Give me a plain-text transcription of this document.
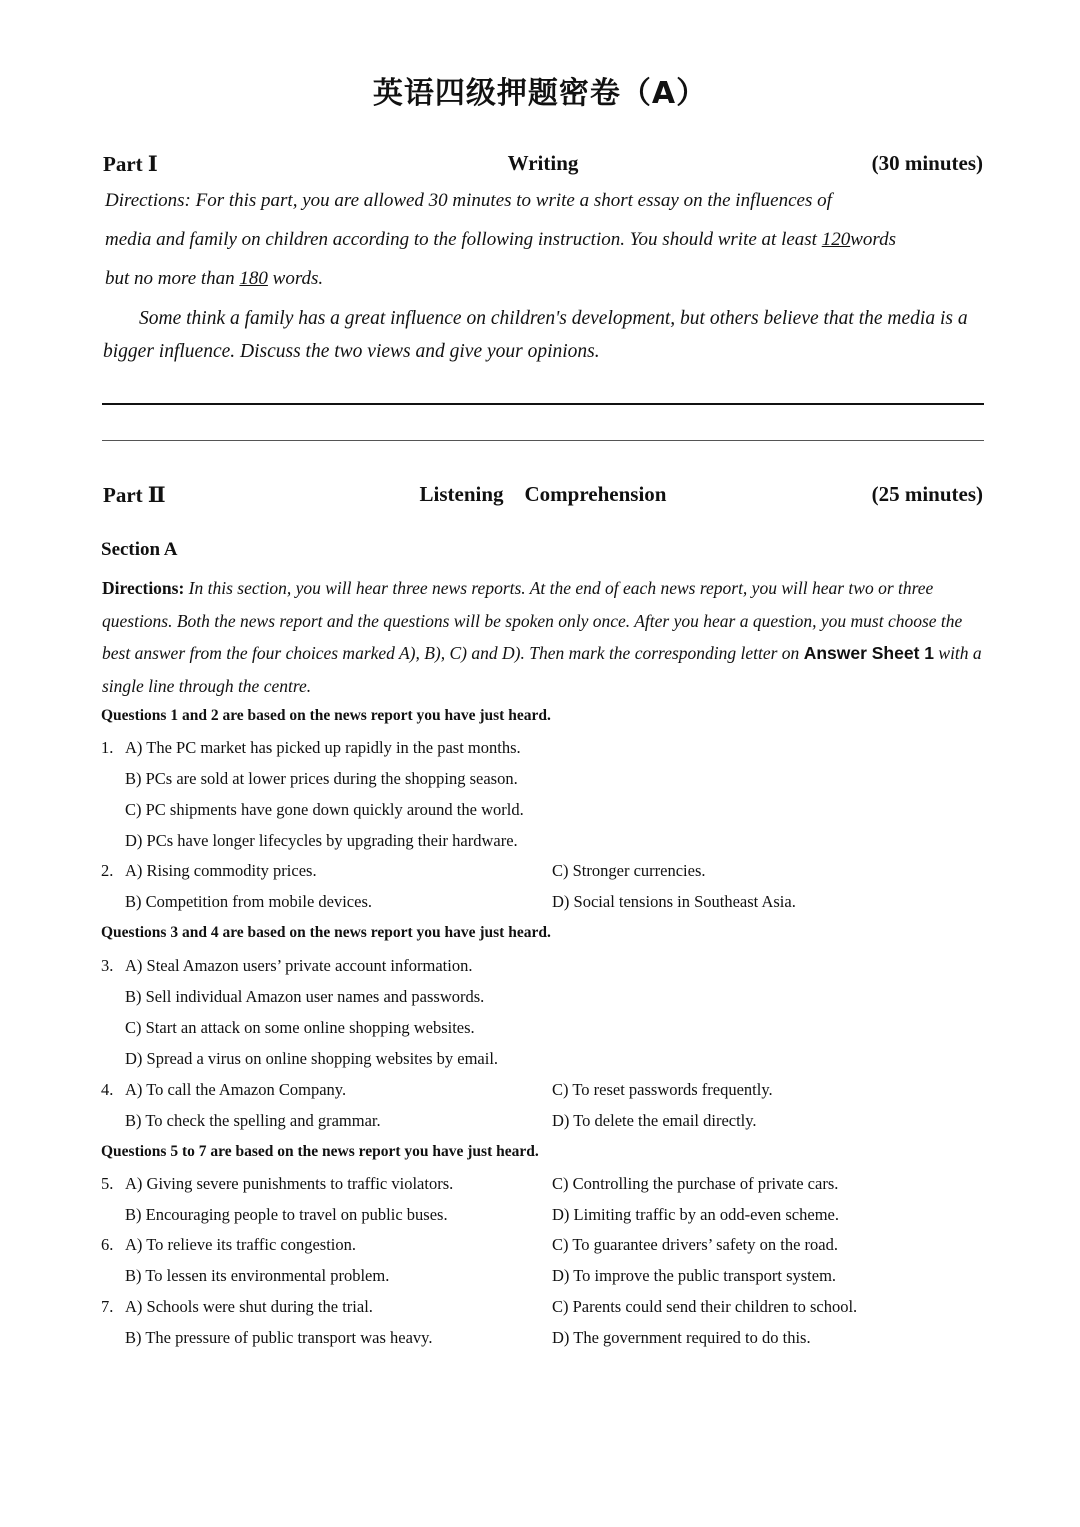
英语四级押题密卷（A）
Part Ⅰ	Writing	(30 minutes)
Directions: For this part, you are allowed 30 minutes to write a short essay on the influences of
media and family on children according to the following instruction. You should write at least 120words
but no more than 180 words.
Some think a family has a great influence on children's development, but others believe that the media is a bigger influence. Discuss the two views and give your opinions.
Part Ⅱ	Listening    Comprehension	(25 minutes)
Section A
Directions: In this section, you will hear three news reports. At the end of each news report, you will hear two or three questions. Both the news report and the questions will be spoken only once. After you hear a question, you must choose the best answer from the four choices marked A), B), C) and D). Then mark the corresponding letter on Answer Sheet 1 with a single line through the centre.
Questions 1 and 2 are based on the news report you have just heard.
1. A) The PC market has picked up rapidly in the past months.
B) PCs are sold at lower prices during the shopping season.
C) PC shipments have gone down quickly around the world.
D) PCs have longer lifecycles by upgrading their hardware.
2. A) Rising commodity prices.	C) Stronger currencies.
B) Competition from mobile devices.	D) Social tensions in Southeast Asia.
Questions 3 and 4 are based on the news report you have just heard.
3. A) Steal Amazon users’ private account information.
B) Sell individual Amazon user names and passwords.
C) Start an attack on some online shopping websites.
D) Spread a virus on online shopping websites by email.
4. A) To call the Amazon Company.	C) To reset passwords frequently.
B) To check the spelling and grammar.	D) To delete the email directly.
Questions 5 to 7 are based on the news report you have just heard.
5. A) Giving severe punishments to traffic violators.	C) Controlling the purchase of private cars.
B) Encouraging people to travel on public buses.	D) Limiting traffic by an odd-even scheme.
6. A) To relieve its traffic congestion.	C) To guarantee drivers’ safety on the road.
B) To lessen its environmental problem.	D) To improve the public transport system.
7. A) Schools were shut during the trial.	C) Parents could send their children to school.
B) The pressure of public transport was heavy.	D) The government required to do this.
